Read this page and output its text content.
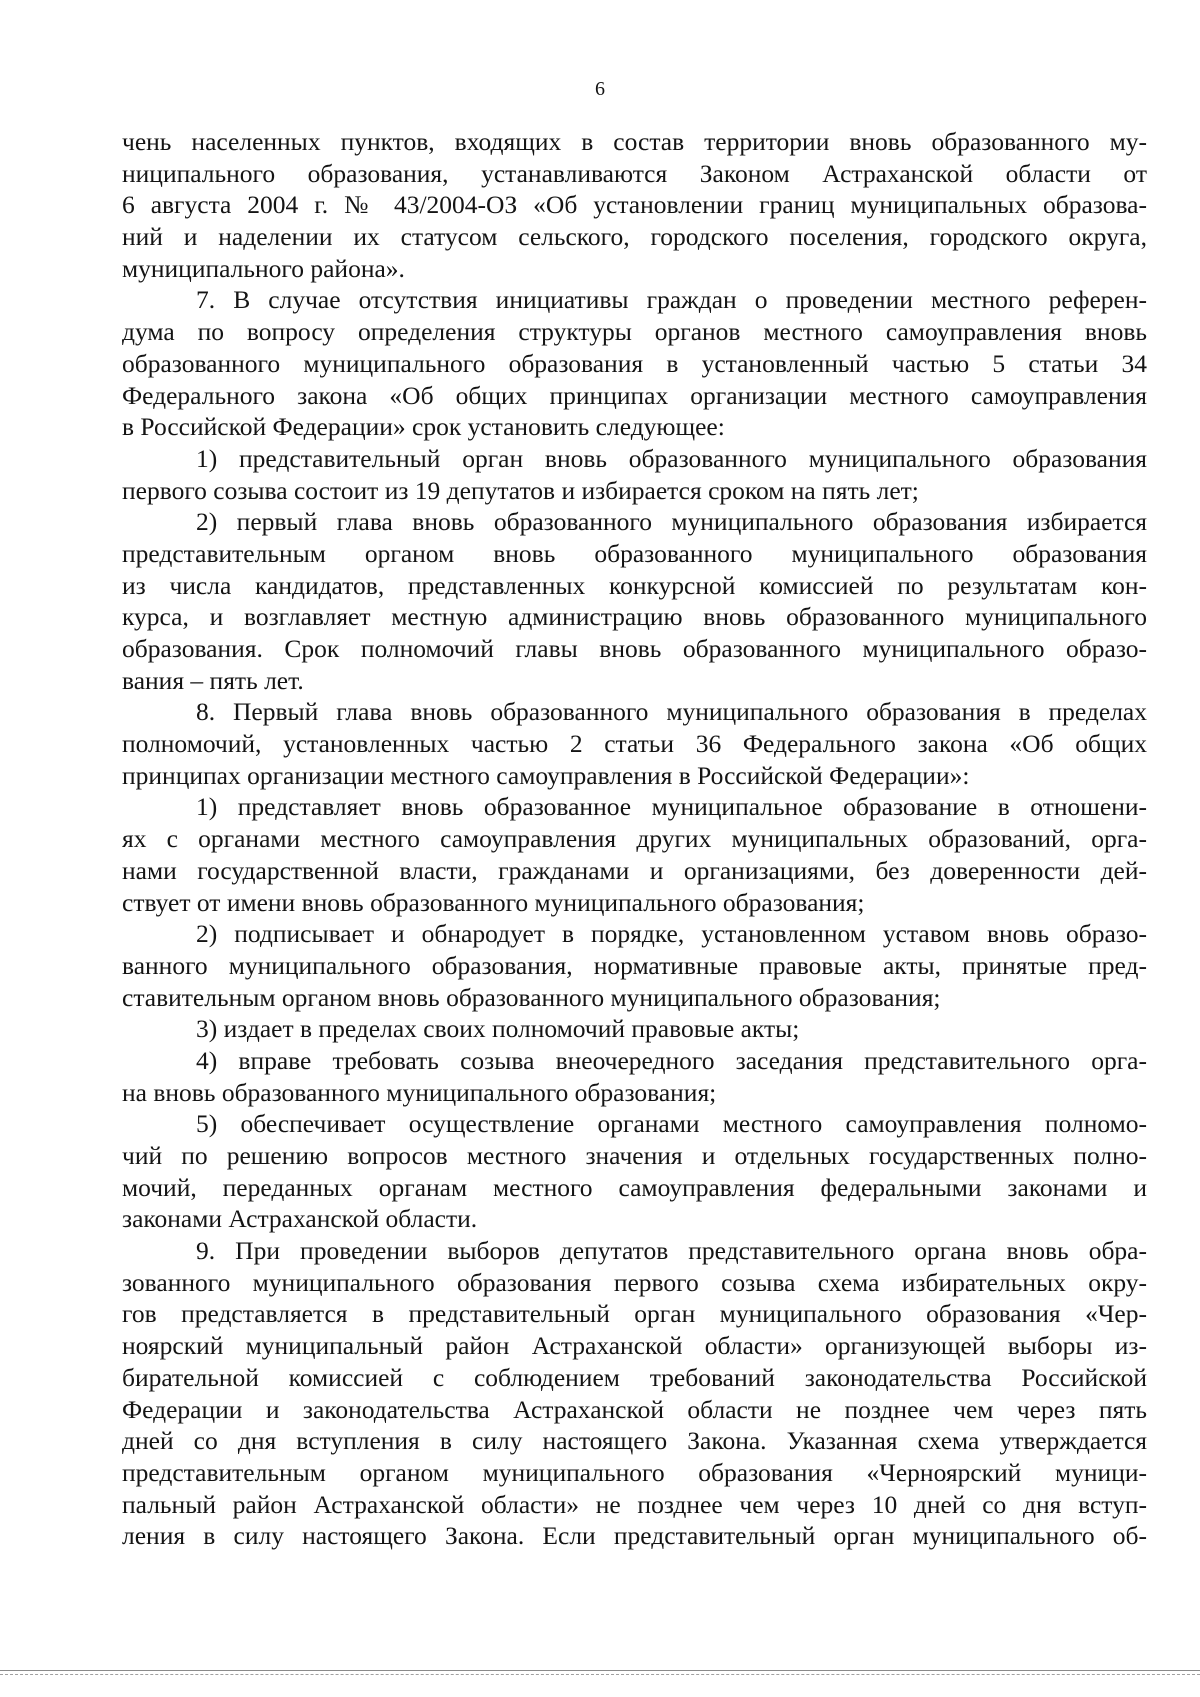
6
чень населенных пунктов, входящих в состав территории вновь образованного му-
ниципального образования, устанавливаются Законом Астраханской области от
6 августа 2004 г. № 43/2004-ОЗ «Об установлении границ муниципальных образова-
ний и наделении их статусом сельского, городского поселения, городского округа,
муниципального района».
7. В случае отсутствия инициативы граждан о проведении местного референ-
дума по вопросу определения структуры органов местного самоуправления вновь
образованного муниципального образования в установленный частью 5 статьи 34
Федерального закона «Об общих принципах организации местного самоуправления
в Российской Федерации» срок установить следующее:
1) представительный орган вновь образованного муниципального образования
первого созыва состоит из 19 депутатов и избирается сроком на пять лет;
2) первый глава вновь образованного муниципального образования избирается
представительным органом вновь образованного муниципального образования
из числа кандидатов, представленных конкурсной комиссией по результатам кон-
курса, и возглавляет местную администрацию вновь образованного муниципального
образования. Срок полномочий главы вновь образованного муниципального образо-
вания – пять лет.
8. Первый глава вновь образованного муниципального образования в пределах
полномочий, установленных частью 2 статьи 36 Федерального закона «Об общих
принципах организации местного самоуправления в Российской Федерации»:
1) представляет вновь образованное муниципальное образование в отношени-
ях с органами местного самоуправления других муниципальных образований, орга-
нами государственной власти, гражданами и организациями, без доверенности дей-
ствует от имени вновь образованного муниципального образования;
2) подписывает и обнародует в порядке, установленном уставом вновь образо-
ванного муниципального образования, нормативные правовые акты, принятые пред-
ставительным органом вновь образованного муниципального образования;
3) издает в пределах своих полномочий правовые акты;
4) вправе требовать созыва внеочередного заседания представительного орга-
на вновь образованного муниципального образования;
5) обеспечивает осуществление органами местного самоуправления полномо-
чий по решению вопросов местного значения и отдельных государственных полно-
мочий, переданных органам местного самоуправления федеральными законами и
законами Астраханской области.
9. При проведении выборов депутатов представительного органа вновь обра-
зованного муниципального образования первого созыва схема избирательных окру-
гов представляется в представительный орган муниципального образования «Чер-
ноярский муниципальный район Астраханской области» организующей выборы из-
бирательной комиссией с соблюдением требований законодательства Российской
Федерации и законодательства Астраханской области не позднее чем через пять
дней со дня вступления в силу настоящего Закона. Указанная схема утверждается
представительным органом муниципального образования «Черноярский муници-
пальный район Астраханской области» не позднее чем через 10 дней со дня вступ-
ления в силу настоящего Закона. Если представительный орган муниципального об-
